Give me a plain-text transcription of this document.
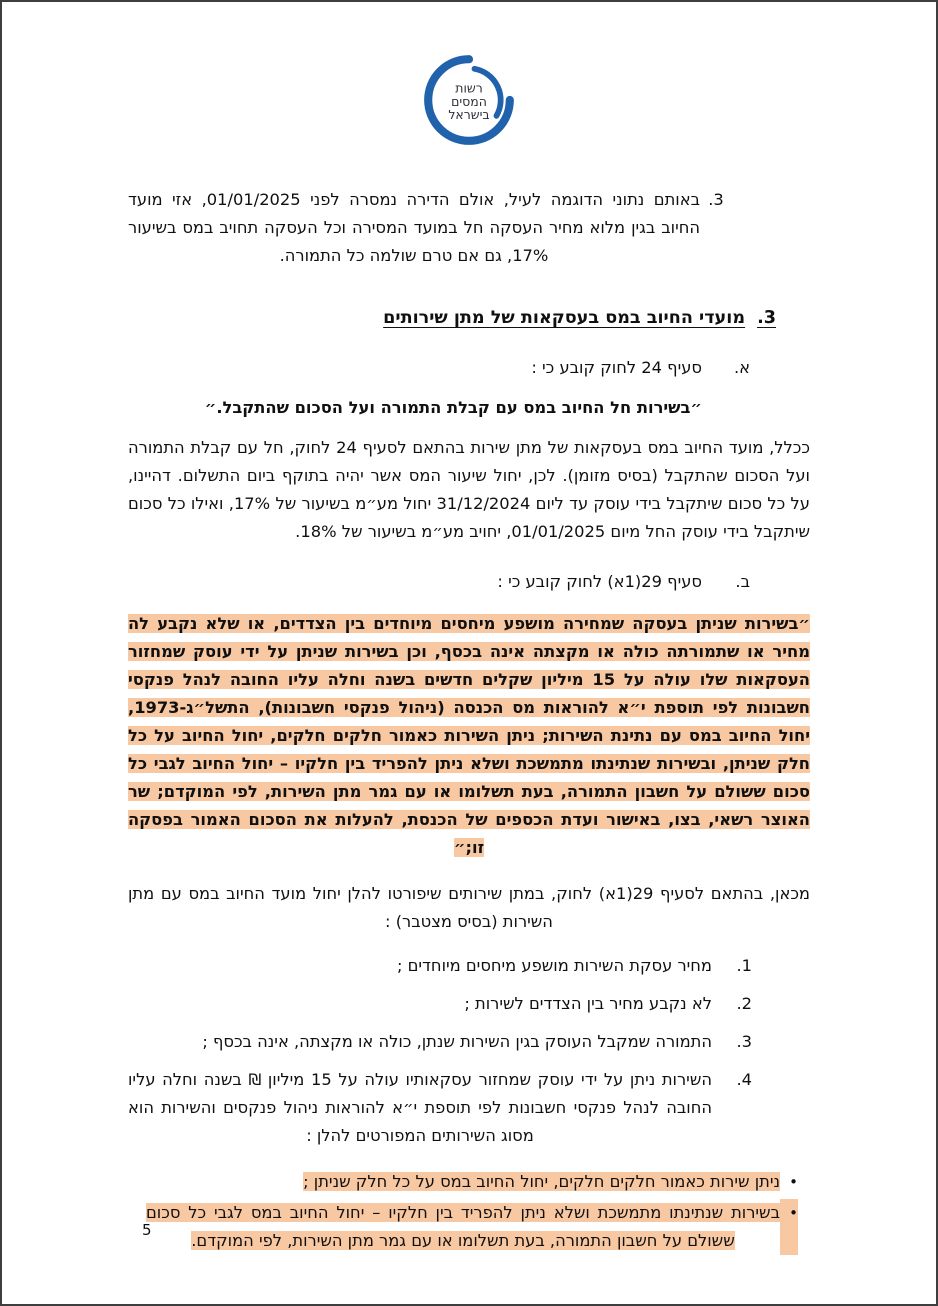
רשות
המסים
בישראל
3.
באותם נתוני הדוגמה לעיל, אולם הדירה נמסרה לפני 01/01/2025, אזי מועד החיוב בגין מלוא מחיר העסקה חל במועד המסירה וכל העסקה תחויב במס בשיעור 17%, גם אם טרם שולמה כל התמורה.
3.מועדי החיוב במס בעסקאות של מתן שירותים
א.
סעיף 24 לחוק קובע כי :
״בשירות חל החיוב במס עם קבלת התמורה ועל הסכום שהתקבל.״
ככלל, מועד החיוב במס בעסקאות של מתן שירות בהתאם לסעיף 24 לחוק, חל עם קבלת התמורה ועל הסכום שהתקבל (בסיס מזומן). לכן, יחול שיעור המס אשר יהיה בתוקף ביום התשלום. דהיינו, על כל סכום שיתקבל בידי עוסק עד ליום 31/12/2024 יחול מע״מ בשיעור של 17%, ואילו כל סכום שיתקבל בידי עוסק החל מיום 01/01/2025, יחויב מע״מ בשיעור של 18%.
ב.
סעיף 29(1א) לחוק קובע כי :
״בשירות שניתן בעסקה שמחירה מושפע מיחסים מיוחדים בין הצדדים, או שלא נקבע לה מחיר או שתמורתה כולה או מקצתה אינה בכסף, וכן בשירות שניתן על ידי עוסק שמחזור העסקאות שלו עולה על 15 מיליון שקלים חדשים בשנה וחלה עליו החובה לנהל פנקסי חשבונות לפי תוספת י״א להוראות מס הכנסה (ניהול פנקסי חשבונות), התשל״ג-1973, יחול החיוב במס עם נתינת השירות; ניתן השירות כאמור חלקים חלקים, יחול החיוב על כל חלק שניתן, ובשירות שנתינתו מתמשכת ושלא ניתן להפריד בין חלקיו – יחול החיוב לגבי כל סכום ששולם על חשבון התמורה, בעת תשלומו או עם גמר מתן השירות, לפי המוקדם; שר האוצר רשאי, בצו, באישור ועדת הכספים של הכנסת, להעלות את הסכום האמור בפסקה זו;״
מכאן, בהתאם לסעיף 29(1א) לחוק, במתן שירותים שיפורטו להלן יחול מועד החיוב במס עם מתן השירות (בסיס מצטבר) :
1.
מחיר עסקת השירות מושפע מיחסים מיוחדים ;
2.
לא נקבע מחיר בין הצדדים לשירות ;
3.
התמורה שמקבל העוסק בגין השירות שנתן, כולה או מקצתה, אינה בכסף ;
4.
השירות ניתן על ידי עוסק שמחזור עסקאותיו עולה על 15 מיליון ₪ בשנה וחלה עליו החובה לנהל פנקסי חשבונות לפי תוספת י״א להוראות ניהול פנקסים והשירות הוא מסוג השירותים המפורטים להלן :
•
ניתן שירות כאמור חלקים חלקים, יחול החיוב במס על כל חלק שניתן ;
•
בשירות שנתינתו מתמשכת ושלא ניתן להפריד בין חלקיו – יחול החיוב במס לגבי כל סכום ששולם על חשבון התמורה, בעת תשלומו או עם גמר מתן השירות, לפי המוקדם.
5
